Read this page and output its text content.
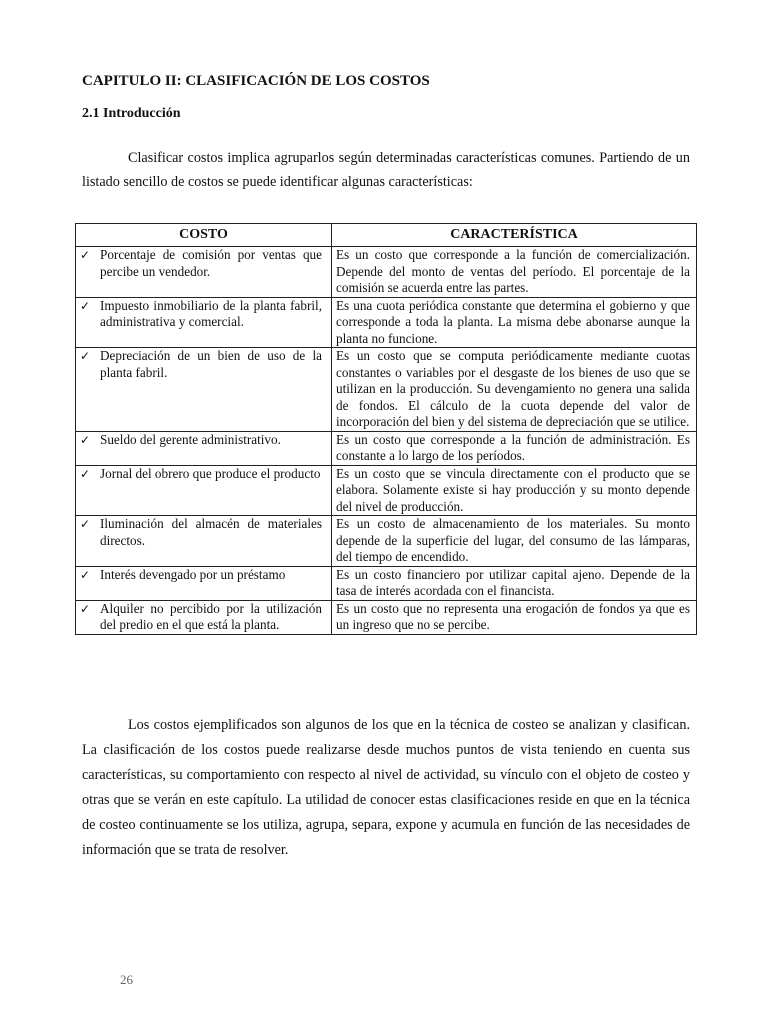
CAPITULO II: CLASIFICACIÓN DE LOS COSTOS
2.1 Introducción

Clasificar costos implica agruparlos según determinadas características comunes. Partiendo de un listado sencillo de costos se puede identificar algunas características:

COSTO	CARACTERÍSTICA
✓ Porcentaje de comisión por ventas que percibe un vendedor.	Es un costo que corresponde a la función de comercialización. Depende del monto de ventas del período. El porcentaje de la comisión se acuerda entre las partes.
✓ Impuesto inmobiliario de la planta fabril, administrativa y comercial.	Es una cuota periódica constante que determina el gobierno y que corresponde a toda la planta. La misma debe abonarse aunque la planta no funcione.
✓ Depreciación de un bien de uso de la planta fabril.	Es un costo que se computa periódicamente mediante cuotas constantes o variables por el desgaste de los bienes de uso que se utilizan en la producción. Su devengamiento no genera una salida de fondos. El cálculo de la cuota depende del valor de incorporación del bien y del sistema de depreciación que se utilice.
✓ Sueldo del gerente administrativo.	Es un costo que corresponde a la función de administración. Es constante a lo largo de los períodos.
✓ Jornal del obrero que produce el producto	Es un costo que se vincula directamente con el producto que se elabora. Solamente existe si hay producción y su monto depende del nivel de producción.
✓ Iluminación del almacén de materiales directos.	Es un costo de almacenamiento de los materiales. Su monto depende de la superficie del lugar, del consumo de las lámparas, del tiempo de encendido.
✓ Interés devengado por un préstamo	Es un costo financiero por utilizar capital ajeno. Depende de la tasa de interés acordada con el financista.
✓ Alquiler no percibido por la utilización del predio en el que está la planta.	Es un costo que no representa una erogación de fondos ya que es un ingreso que no se percibe.

Los costos ejemplificados son algunos de los que en la técnica de costeo se analizan y clasifican. La clasificación de los costos puede realizarse desde muchos puntos de vista teniendo en cuenta sus características, su comportamiento con respecto al nivel de actividad, su vínculo con el objeto de costeo y otras que se verán en este capítulo. La utilidad de conocer estas clasificaciones reside en que en la técnica de costeo continuamente se los utiliza, agrupa, separa, expone y acumula en función de las necesidades de información que se trata de resolver.

26
